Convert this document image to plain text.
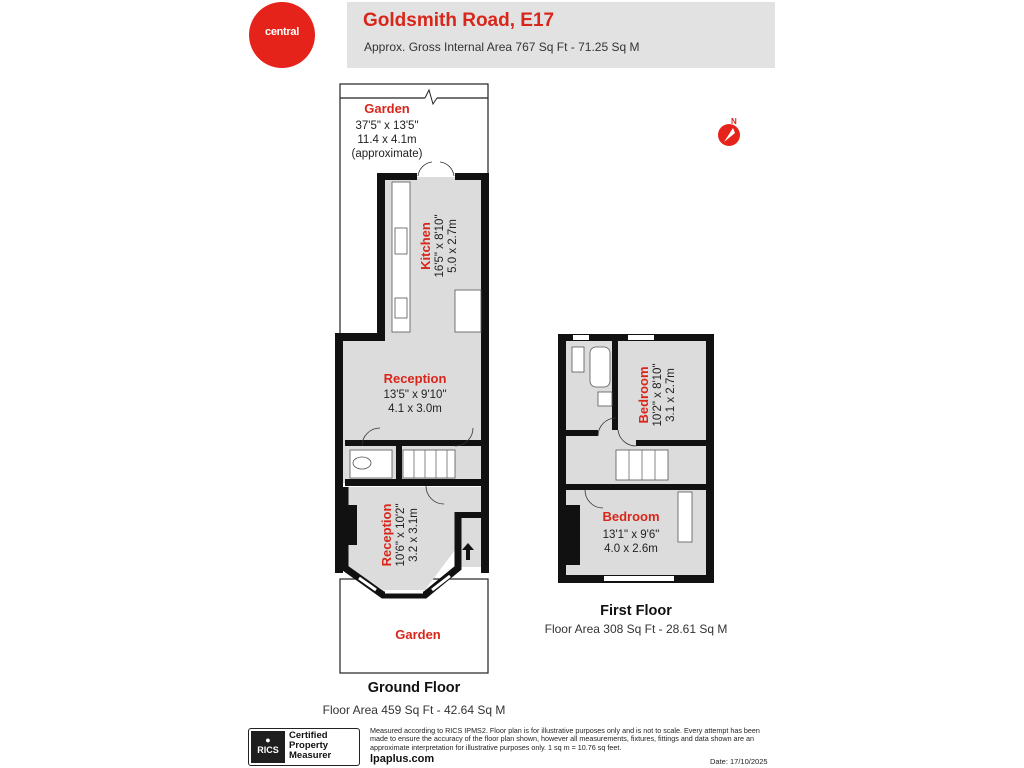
central
Goldsmith Road, E17
Approx. Gross Internal Area 767 Sq Ft - 71.25 Sq M
N
Garden
37'5" x 13'5"
11.4 x 4.1m
(approximate)
Kitchen 16'5" x 8'10" 5.0 x 2.7m
Reception
13'5" x 9'10"
4.1 x 3.0m
Reception 10'6" x 10'2" 3.2 x 3.1m
Garden
Bedroom 10'2" x 8'10" 3.1 x 2.7m
Bedroom
13'1" x 9'6"
4.0 x 2.6m
Ground Floor
Floor Area 459 Sq Ft - 42.64 Sq M
First Floor
Floor Area 308 Sq Ft - 28.61 Sq M
●
RICS
Certified
Property
Measurer
Measured according to RICS IPMS2. Floor plan is for illustrative purposes only and is not to scale. Every attempt has been made to ensure the accuracy of the floor plan shown, however all measurements, fixtures, fittings and data shown are an approximate interpretation for illustrative purposes only. 1 sq m = 10.76 sq feet.
lpaplus.com	Date: 17/10/2025
